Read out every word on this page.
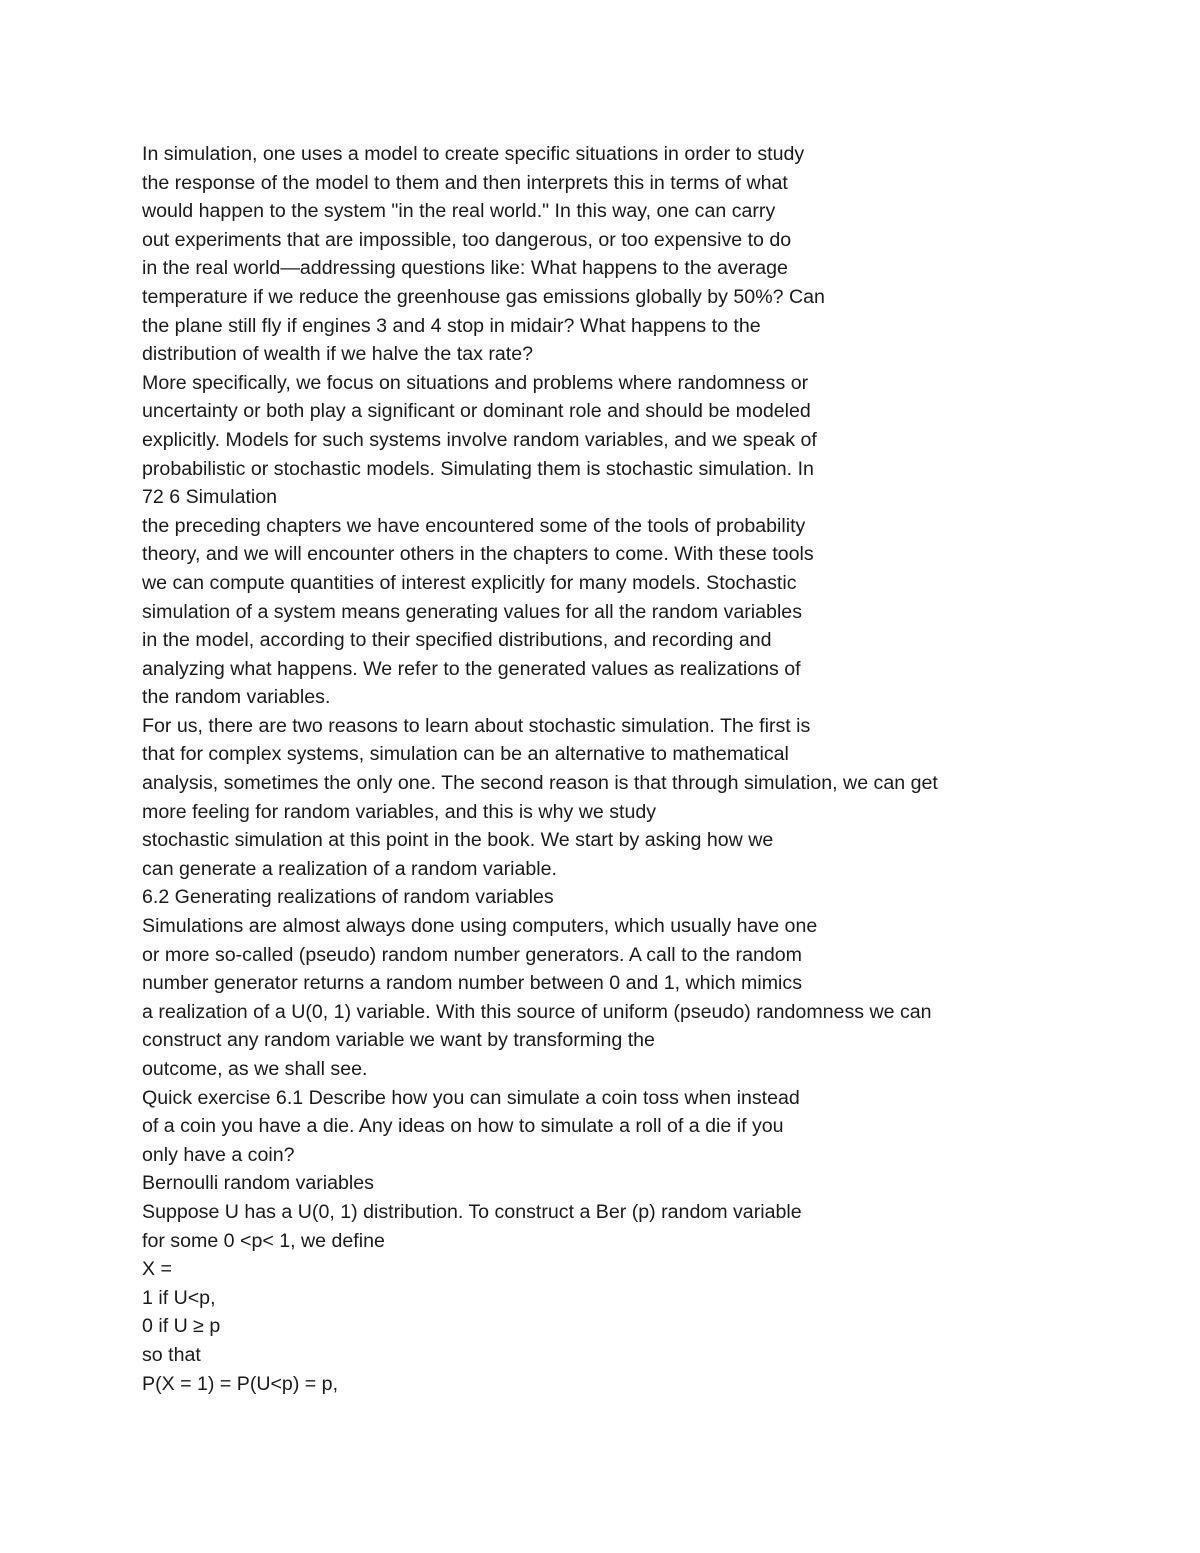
In simulation, one uses a model to create specific situations in order to study
the response of the model to them and then interprets this in terms of what
would happen to the system "in the real world." In this way, one can carry
out experiments that are impossible, too dangerous, or too expensive to do
in the real world—addressing questions like: What happens to the average
temperature if we reduce the greenhouse gas emissions globally by 50%? Can
the plane still fly if engines 3 and 4 stop in midair? What happens to the
distribution of wealth if we halve the tax rate?
More specifically, we focus on situations and problems where randomness or
uncertainty or both play a significant or dominant role and should be modeled
explicitly. Models for such systems involve random variables, and we speak of
probabilistic or stochastic models. Simulating them is stochastic simulation. In
72 6 Simulation
the preceding chapters we have encountered some of the tools of probability
theory, and we will encounter others in the chapters to come. With these tools
we can compute quantities of interest explicitly for many models. Stochastic
simulation of a system means generating values for all the random variables
in the model, according to their specified distributions, and recording and
analyzing what happens. We refer to the generated values as realizations of
the random variables.
For us, there are two reasons to learn about stochastic simulation. The first is
that for complex systems, simulation can be an alternative to mathematical
analysis, sometimes the only one. The second reason is that through simulation, we can get
more feeling for random variables, and this is why we study
stochastic simulation at this point in the book. We start by asking how we
can generate a realization of a random variable.
6.2 Generating realizations of random variables
Simulations are almost always done using computers, which usually have one
or more so-called (pseudo) random number generators. A call to the random
number generator returns a random number between 0 and 1, which mimics
a realization of a U(0, 1) variable. With this source of uniform (pseudo) randomness we can
construct any random variable we want by transforming the
outcome, as we shall see.
Quick exercise 6.1 Describe how you can simulate a coin toss when instead
of a coin you have a die. Any ideas on how to simulate a roll of a die if you
only have a coin?
Bernoulli random variables
Suppose U has a U(0, 1) distribution. To construct a Ber (p) random variable
for some 0 <p< 1, we define
X =
1 if U<p,
0 if U ≥ p
so that
P(X = 1) = P(U<p) = p,
